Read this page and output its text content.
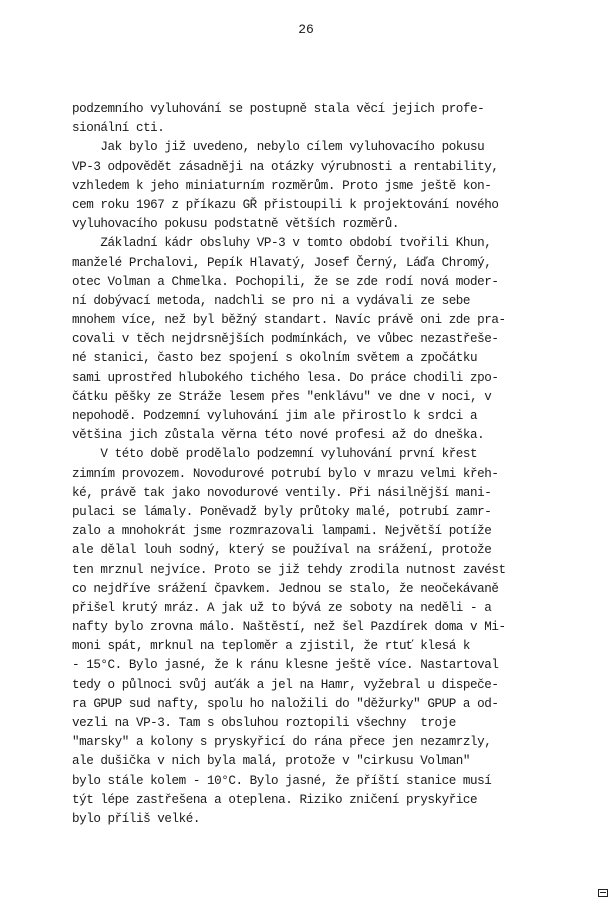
26
podzemního vyluhování se postupně stala věcí jejich profe-
sionální cti.
Jak bylo již uvedeno, nebylo cílem vyluhovacího pokusu
VP-3 odpovědět zásadněji na otázky výrubnosti a rentability,
vzhledem k jeho miniaturním rozměrům. Proto jsme ještě kon-
cem roku 1967 z příkazu GŘ přistoupili k projektování nového
vyluhovacího pokusu podstatně větších rozměrů.
Základní kádr obsluhy VP-3 v tomto období tvořili Khun,
manželé Prchalovi, Pepík Hlavatý, Josef Černý, Láďa Chromý,
otec Volman a Chmelka. Pochopili, že se zde rodí nová moder-
ní dobývací metoda, nadchli se pro ni a vydávali ze sebe
mnohem více, než byl běžný standart. Navíc právě oni zde pra-
covali v těch nejdrsnějších podmínkách, ve vůbec nezastřeše-
né stanici, často bez spojení s okolním světem a zpočátku
sami uprostřed hlubokého tichého lesa. Do práce chodili zpo-
čátku pěšky ze Stráže lesem přes "enklávu" ve dne v noci, v
nepohodě. Podzemní vyluhování jim ale přirostlo k srdci a
většina jich zůstala věrna této nové profesi až do dneška.
V této době prodělalo podzemní vyluhování první křest
zimním provozem. Novodurové potrubí bylo v mrazu velmi křeh-
ké, právě tak jako novodurové ventily. Při násilnější mani-
pulaci se lámaly. Poněvadž byly průtoky malé, potrubí zamr-
zalo a mnohokrát jsme rozmrazovali lampami. Největší potíže
ale dělal louh sodný, který se používal na srážení, protože
ten mrznul nejvíce. Proto se již tehdy zrodila nutnost zavést
co nejdříve srážení čpavkem. Jednou se stalo, že neočekávaně
přišel krutý mráz. A jak už to bývá ze soboty na neděli - a
nafty bylo zrovna málo. Naštěstí, než šel Pazdírek doma v Mi-
moni spát, mrknul na teploměr a zjistil, že rtuť klesá k
- 15°C. Bylo jasné, že k ránu klesne ještě více. Nastartoval
tedy o půlnoci svůj auťák a jel na Hamr, vyžebral u dispeče-
ra GPUP sud nafty, spolu ho naložili do "děžurky" GPUP a od-
vezli na VP-3. Tam s obsluhou roztopili všechny  troje
"marsky" a kolony s pryskyřicí do rána přece jen nezamrzly,
ale dušička v nich byla malá, protože v "cirkusu Volman"
bylo stále kolem - 10°C. Bylo jasné, že příští stanice musí
týt lépe zastřešena a oteplena. Riziko zničení pryskyřice
bylo příliš velké.
